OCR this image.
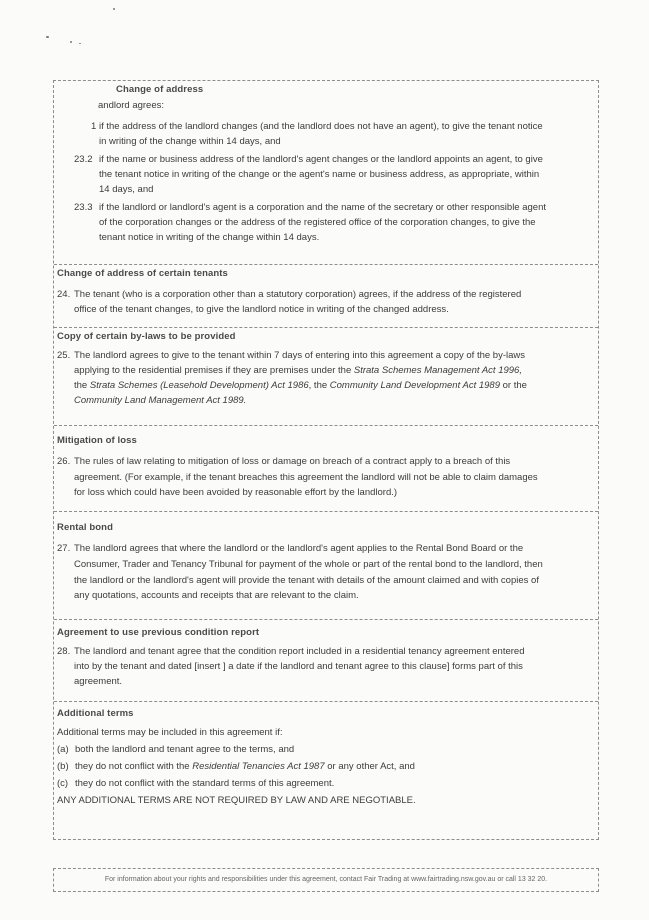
Change of address
andlord agrees:
1 if the address of the landlord changes (and the landlord does not have an agent), to give the tenant notice
in writing of the change within 14 days, and
23.2 if the name or business address of the landlord's agent changes or the landlord appoints an agent, to give
the tenant notice in writing of the change or the agent's name or business address, as appropriate, within
14 days, and
23.3 if the landlord or landlord's agent is a corporation and the name of the secretary or other responsible agent
of the corporation changes or the address of the registered office of the corporation changes, to give the
tenant notice in writing of the change within 14 days.
Change of address of certain tenants
24. The tenant (who is a corporation other than a statutory corporation) agrees, if the address of the registered
office of the tenant changes, to give the landlord notice in writing of the changed address.
Copy of certain by-laws to be provided
25. The landlord agrees to give to the tenant within 7 days of entering into this agreement a copy of the by-laws
applying to the residential premises if they are premises under the Strata Schemes Management Act 1996,
the Strata Schemes (Leasehold Development) Act 1986, the Community Land Development Act 1989 or the
Community Land Management Act 1989.
Mitigation of loss
26. The rules of law relating to mitigation of loss or damage on breach of a contract apply to a breach of this
agreement. (For example, if the tenant breaches this agreement the landlord will not be able to claim damages
for loss which could have been avoided by reasonable effort by the landlord.)
Rental bond
27. The landlord agrees that where the landlord or the landlord's agent applies to the Rental Bond Board or the
Consumer, Trader and Tenancy Tribunal for payment of the whole or part of the rental bond to the landlord, then
the landlord or the landlord's agent will provide the tenant with details of the amount claimed and with copies of
any quotations, accounts and receipts that are relevant to the claim.
Agreement to use previous condition report
28. The landlord and tenant agree that the condition report included in a residential tenancy agreement entered
into by the tenant and dated [insert ] a date if the landlord and tenant agree to this clause] forms part of this
agreement.
Additional terms
Additional terms may be included in this agreement if:
(a) both the landlord and tenant agree to the terms, and
(b) they do not conflict with the Residential Tenancies Act 1987 or any other Act, and
(c) they do not conflict with the standard terms of this agreement.
ANY ADDITIONAL TERMS ARE NOT REQUIRED BY LAW AND ARE NEGOTIABLE.
For information about your rights and responsibilities under this agreement, contact Fair Trading at www.fairtrading.nsw.gov.au or call 13 32 20.
